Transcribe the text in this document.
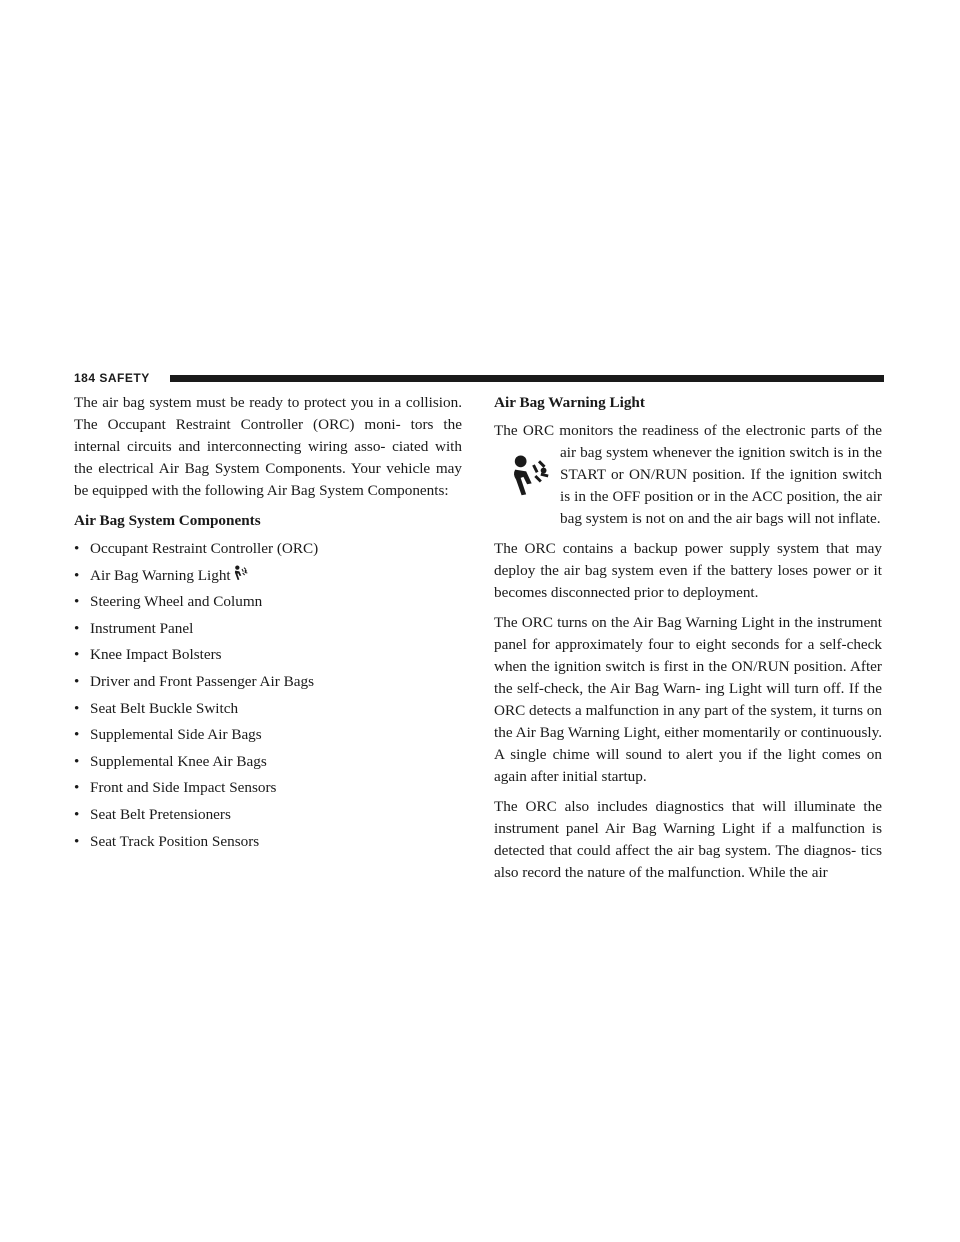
184 SAFETY

The air bag system must be ready to protect you in a collision. The Occupant Restraint Controller (ORC) moni- tors the internal circuits and interconnecting wiring asso- ciated with the electrical Air Bag System Components. Your vehicle may be equipped with the following Air Bag System Components:

Air Bag System Components
• Occupant Restraint Controller (ORC)
• Air Bag Warning Light
• Steering Wheel and Column
• Instrument Panel
• Knee Impact Bolsters
• Driver and Front Passenger Air Bags
• Seat Belt Buckle Switch
• Supplemental Side Air Bags
• Supplemental Knee Air Bags
• Front and Side Impact Sensors
• Seat Belt Pretensioners
• Seat Track Position Sensors
Air Bag Warning Light

The ORC monitors the readiness of the electronic parts of the air bag system whenever the ignition switch is in the START or ON/RUN position. If the ignition switch is in the OFF position or in the ACC position, the air bag system is not on and the air bags will not inflate.

The ORC contains a backup power supply system that may deploy the air bag system even if the battery loses power or it becomes disconnected prior to deployment.

The ORC turns on the Air Bag Warning Light in the instrument panel for approximately four to eight seconds for a self-check when the ignition switch is first in the ON/RUN position. After the self-check, the Air Bag Warn- ing Light will turn off. If the ORC detects a malfunction in any part of the system, it turns on the Air Bag Warning Light, either momentarily or continuously. A single chime will sound to alert you if the light comes on again after initial startup.

The ORC also includes diagnostics that will illuminate the instrument panel Air Bag Warning Light if a malfunction is detected that could affect the air bag system. The diagnos- tics also record the nature of the malfunction. While the air
